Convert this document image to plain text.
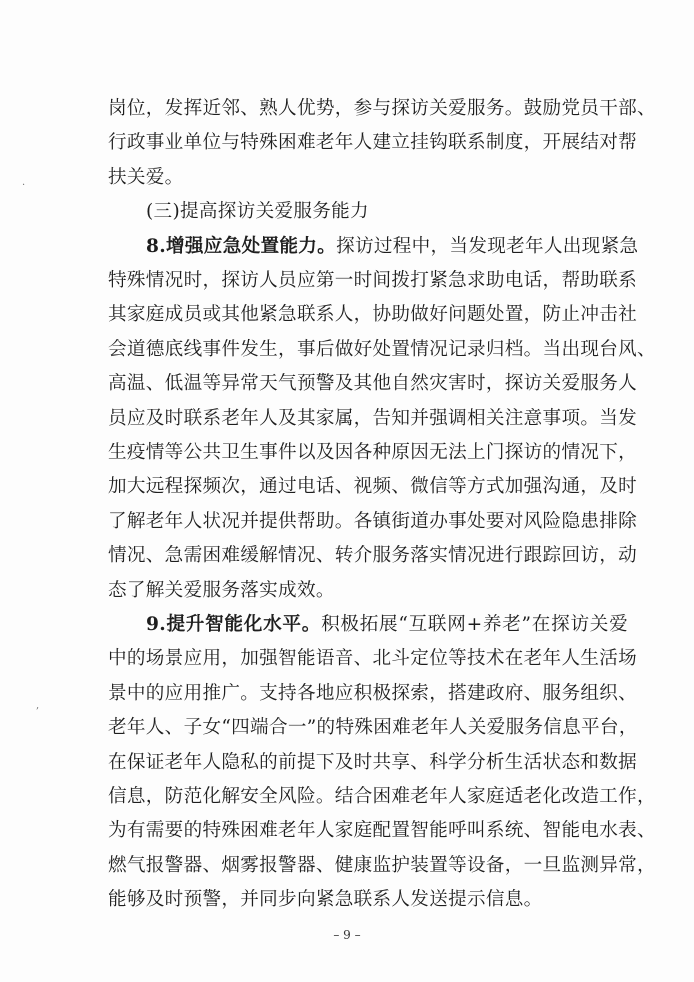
·
,
岗位，发挥近邻、熟人优势，参与探访关爱服务。鼓励党员干部、
行政事业单位与特殊困难老年人建立挂钩联系制度，开展结对帮
扶关爱。
(三)提高探访关爱服务能力
8.增强应急处置能力。探访过程中，当发现老年人出现紧急
特殊情况时，探访人员应第一时间拨打紧急求助电话，帮助联系
其家庭成员或其他紧急联系人，协助做好问题处置，防止冲击社
会道德底线事件发生，事后做好处置情况记录归档。当出现台风、
高温、低温等异常天气预警及其他自然灾害时，探访关爱服务人
员应及时联系老年人及其家属，告知并强调相关注意事项。当发
生疫情等公共卫生事件以及因各种原因无法上门探访的情况下，
加大远程探频次，通过电话、视频、微信等方式加强沟通，及时
了解老年人状况并提供帮助。各镇街道办事处要对风险隐患排除
情况、急需困难缓解情况、转介服务落实情况进行跟踪回访，动
态了解关爱服务落实成效。
9.提升智能化水平。积极拓展“互联网+养老”在探访关爱
中的场景应用，加强智能语音、北斗定位等技术在老年人生活场
景中的应用推广。支持各地应积极探索，搭建政府、服务组织、
老年人、子女“四端合一”的特殊困难老年人关爱服务信息平台，
在保证老年人隐私的前提下及时共享、科学分析生活状态和数据
信息，防范化解安全风险。结合困难老年人家庭适老化改造工作，
为有需要的特殊困难老年人家庭配置智能呼叫系统、智能电水表、
燃气报警器、烟雾报警器、健康监护装置等设备，一旦监测异常，
能够及时预警，并同步向紧急联系人发送提示信息。
– 9 –
